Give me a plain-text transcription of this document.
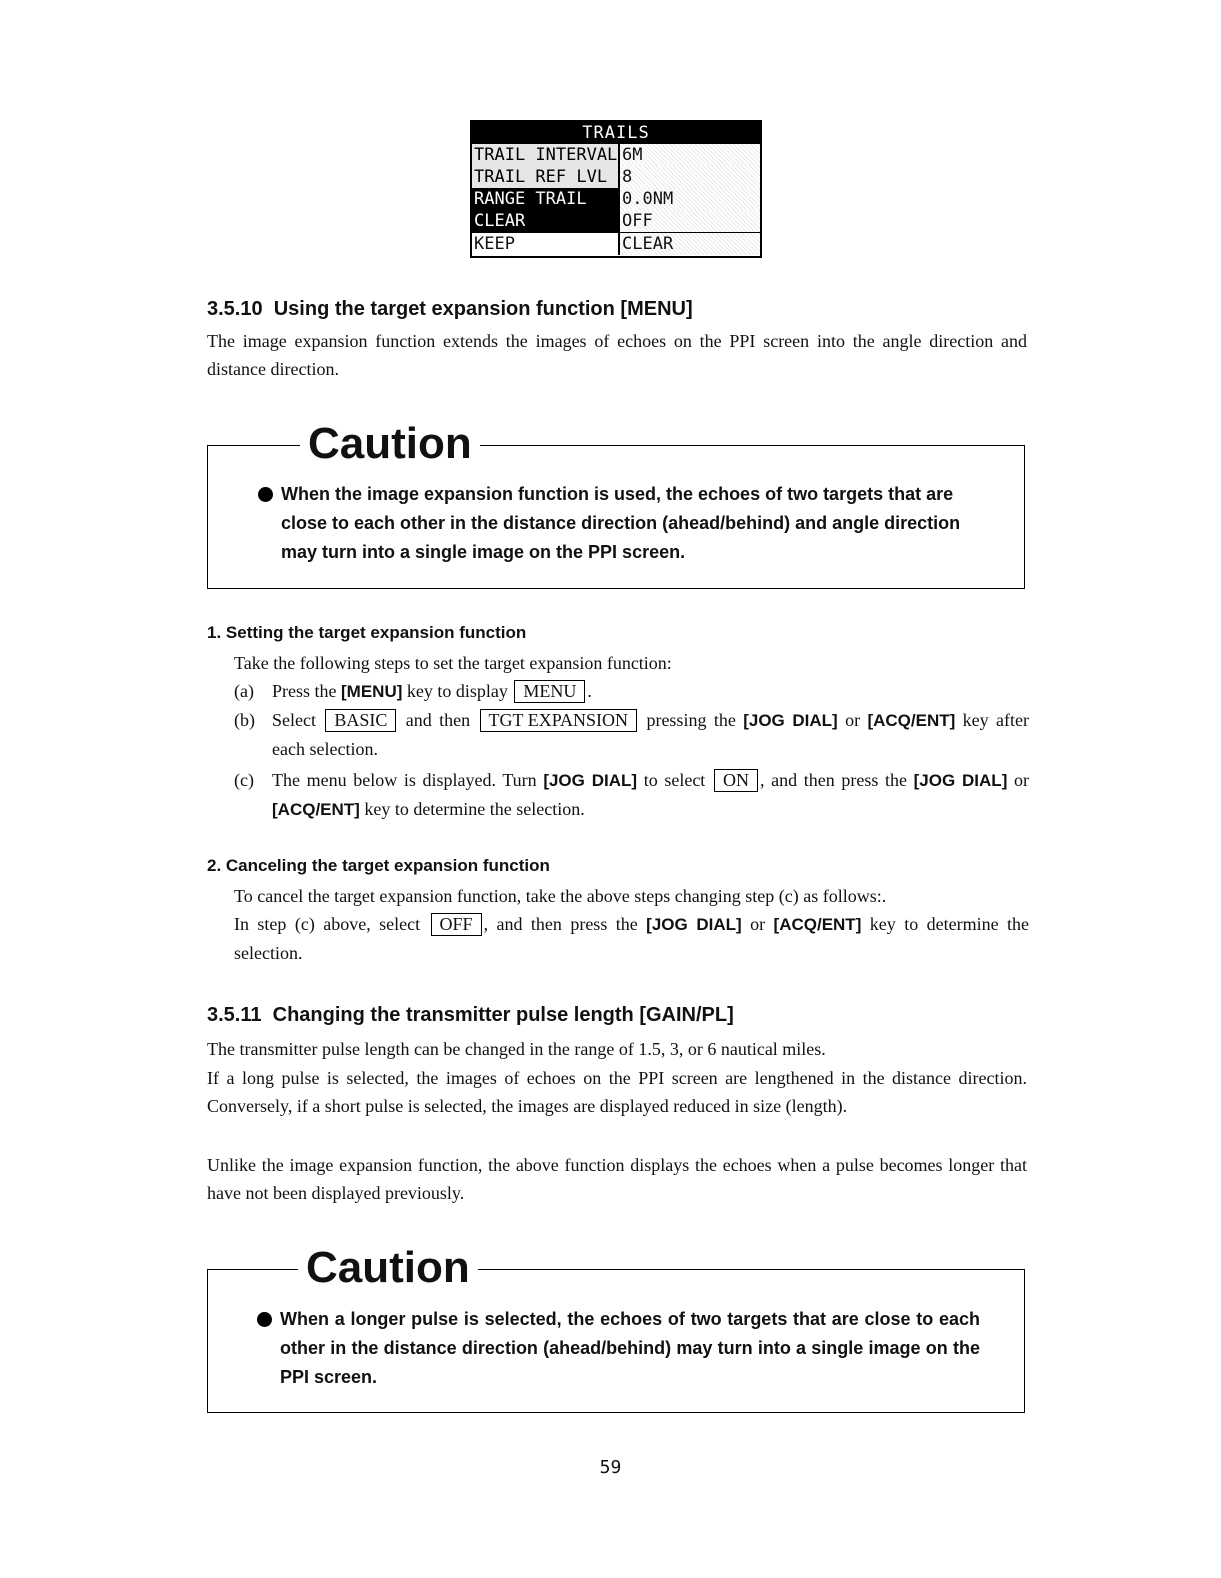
TRAILS
TRAIL INTERVAL 6M
TRAIL REF LVL 8
RANGE TRAIL	0.0NM
CLEAR	OFF
KEEP	CLEAR
3.5.10 Using the target expansion function [MENU]

The image expansion function extends the images of echoes on the PPI screen into the angle direction and distance direction.

Caution

When the image expansion function is used, the echoes of two targets that are close to each other in the distance direction (ahead/behind) and angle direction may turn into a single image on the PPI screen.

1. Setting the target expansion function

Take the following steps to set the target expansion function:

(a) Press the [MENU] key to display MENU .
(b) Select BASIC and then TGT EXPANSION pressing the [JOG DIAL] or [ACQ/ENT] key after each selection.
(c) The menu below is displayed. Turn [JOG DIAL] to select ON , and then press the [JOG DIAL] or [ACQ/ENT] key to determine the selection.

2. Canceling the target expansion function

To cancel the target expansion function, take the above steps changing step (c) as follows:.

In step (c) above, select OFF , and then press the [JOG DIAL] or [ACQ/ENT] key to determine the selection.

3.5.11 Changing the transmitter pulse length [GAIN/PL]

The transmitter pulse length can be changed in the range of 1.5, 3, or 6 nautical miles.

If a long pulse is selected, the images of echoes on the PPI screen are lengthened in the distance direction. Conversely, if a short pulse is selected, the images are displayed reduced in size (length).

Unlike the image expansion function, the above function displays the echoes when a pulse becomes longer that have not been displayed previously.

Caution

When a longer pulse is selected, the echoes of two targets that are close to each other in the distance direction (ahead/behind) may turn into a single image on the PPI screen.

59
